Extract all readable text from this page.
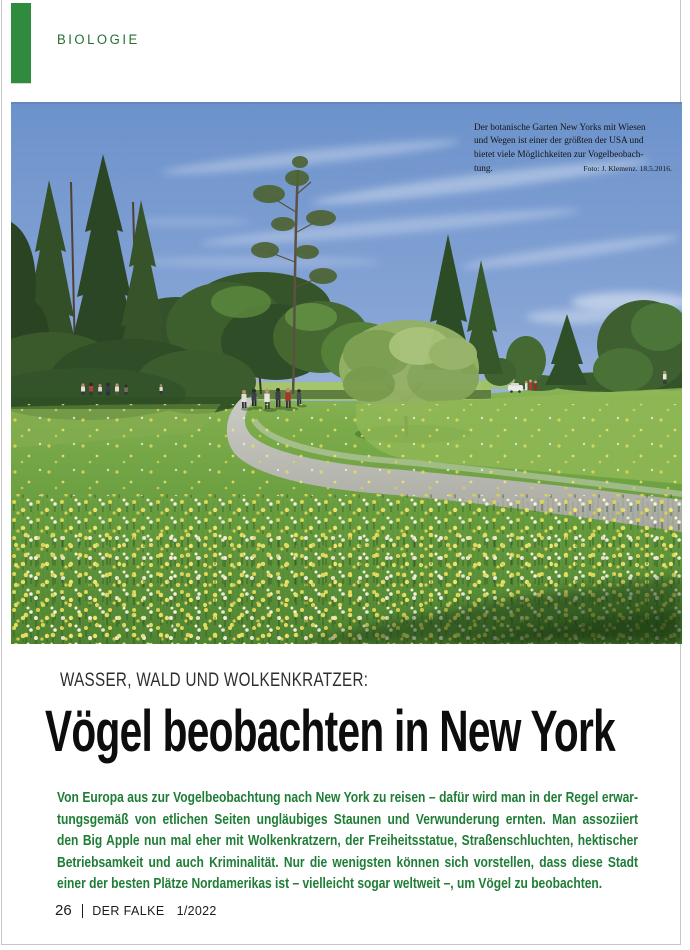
BIOLOGIE
Der botanische Garten New Yorks mit Wiesen
und Wegen ist einer der größten der USA und
bietet viele Möglichkeiten zur Vogelbeobach-
tung.	Foto: J. Klemenz. 18.5.2016.
WASSER, WALD UND WOLKENKRATZER:
Vögel beobachten in New York
Von Europa aus zur Vogelbeobachtung nach New York zu reisen – dafür wird man in der Regel erwar-
tungsgemäß von etlichen Seiten ungläubiges Staunen und Verwunderung ernten. Man assoziiert
den Big Apple nun mal eher mit Wolkenkratzern, der Freiheitsstatue, Straßenschluchten, hektischer
Betriebsamkeit und auch Kriminalität. Nur die wenigsten können sich vorstellen, dass diese Stadt
einer der besten Plätze Nordamerikas ist – vielleicht sogar weltweit –, um Vögel zu beobachten.
26 DER FALKE 1/2022
